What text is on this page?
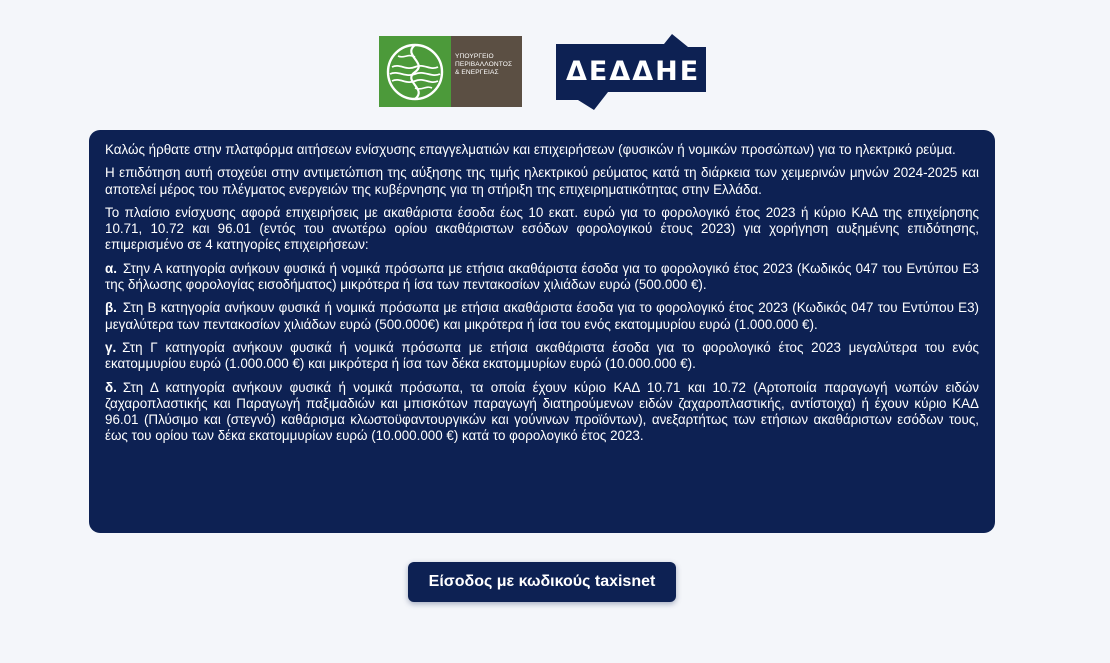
ΥΠΟΥΡΓΕΙΟ
ΠΕΡΙΒΑΛΛΟΝΤΟΣ
& ΕΝΕΡΓΕΙΑΣ	ΔΕΔΔΗΕ

Καλώς ήρθατε στην πλατφόρμα αιτήσεων ενίσχυσης επαγγελματιών και επιχειρήσεων (φυσικών ή νομικών προσώπων) για το ηλεκτρικό ρεύμα.

Η επιδότηση αυτή στοχεύει στην αντιμετώπιση της αύξησης της τιμής ηλεκτρικού ρεύματος κατά τη διάρκεια των χειμερινών μηνών 2024-2025 και αποτελεί μέρος του πλέγματος ενεργειών της κυβέρνησης για τη στήριξη της επιχειρηματικότητας στην Ελλάδα.

Το πλαίσιο ενίσχυσης αφορά επιχειρήσεις με ακαθάριστα έσοδα έως 10 εκατ. ευρώ για το φορολογικό έτος 2023 ή κύριο ΚΑΔ της επιχείρησης 10.71, 10.72 και 96.01 (εντός του ανωτέρω ορίου ακαθάριστων εσόδων φορολογικού έτους 2023) για χορήγηση αυξημένης επιδότησης, επιμερισμένο σε 4 κατηγορίες επιχειρήσεων:

α. Στην Α κατηγορία ανήκουν φυσικά ή νομικά πρόσωπα με ετήσια ακαθάριστα έσοδα για το φορολογικό έτος 2023 (Κωδικός 047 του Εντύπου Ε3 της δήλωσης φορολογίας εισοδήματος) μικρότερα ή ίσα των πεντακοσίων χιλιάδων ευρώ (500.000 €).

β. Στη Β κατηγορία ανήκουν φυσικά ή νομικά πρόσωπα με ετήσια ακαθάριστα έσοδα για το φορολογικό έτος 2023 (Κωδικός 047 του Εντύπου Ε3) μεγαλύτερα των πεντακοσίων χιλιάδων ευρώ (500.000€) και μικρότερα ή ίσα του ενός εκατομμυρίου ευρώ (1.000.000 €).

γ. Στη Γ κατηγορία ανήκουν φυσικά ή νομικά πρόσωπα με ετήσια ακαθάριστα έσοδα για το φορολογικό έτος 2023 μεγαλύτερα του ενός εκατομμυρίου ευρώ (1.000.000 €) και μικρότερα ή ίσα των δέκα εκατομμυρίων ευρώ (10.000.000 €).

δ. Στη Δ κατηγορία ανήκουν φυσικά ή νομικά πρόσωπα, τα οποία έχουν κύριο ΚΑΔ 10.71 και 10.72 (Αρτοποιία παραγωγή νωπών ειδών ζαχαροπλαστικής και Παραγωγή παξιμαδιών και μπισκότων παραγωγή διατηρούμενων ειδών ζαχαροπλαστικής, αντίστοιχα) ή έχουν κύριο ΚΑΔ 96.01 (Πλύσιμο και (στεγνό) καθάρισμα κλωστοϋφαντουργικών και γούνινων προϊόντων), ανεξαρτήτως των ετήσιων ακαθάριστων εσόδων τους, έως του ορίου των δέκα εκατομμυρίων ευρώ (10.000.000 €) κατά το φορολογικό έτος 2023.

Είσοδος με κωδικούς taxisnet
